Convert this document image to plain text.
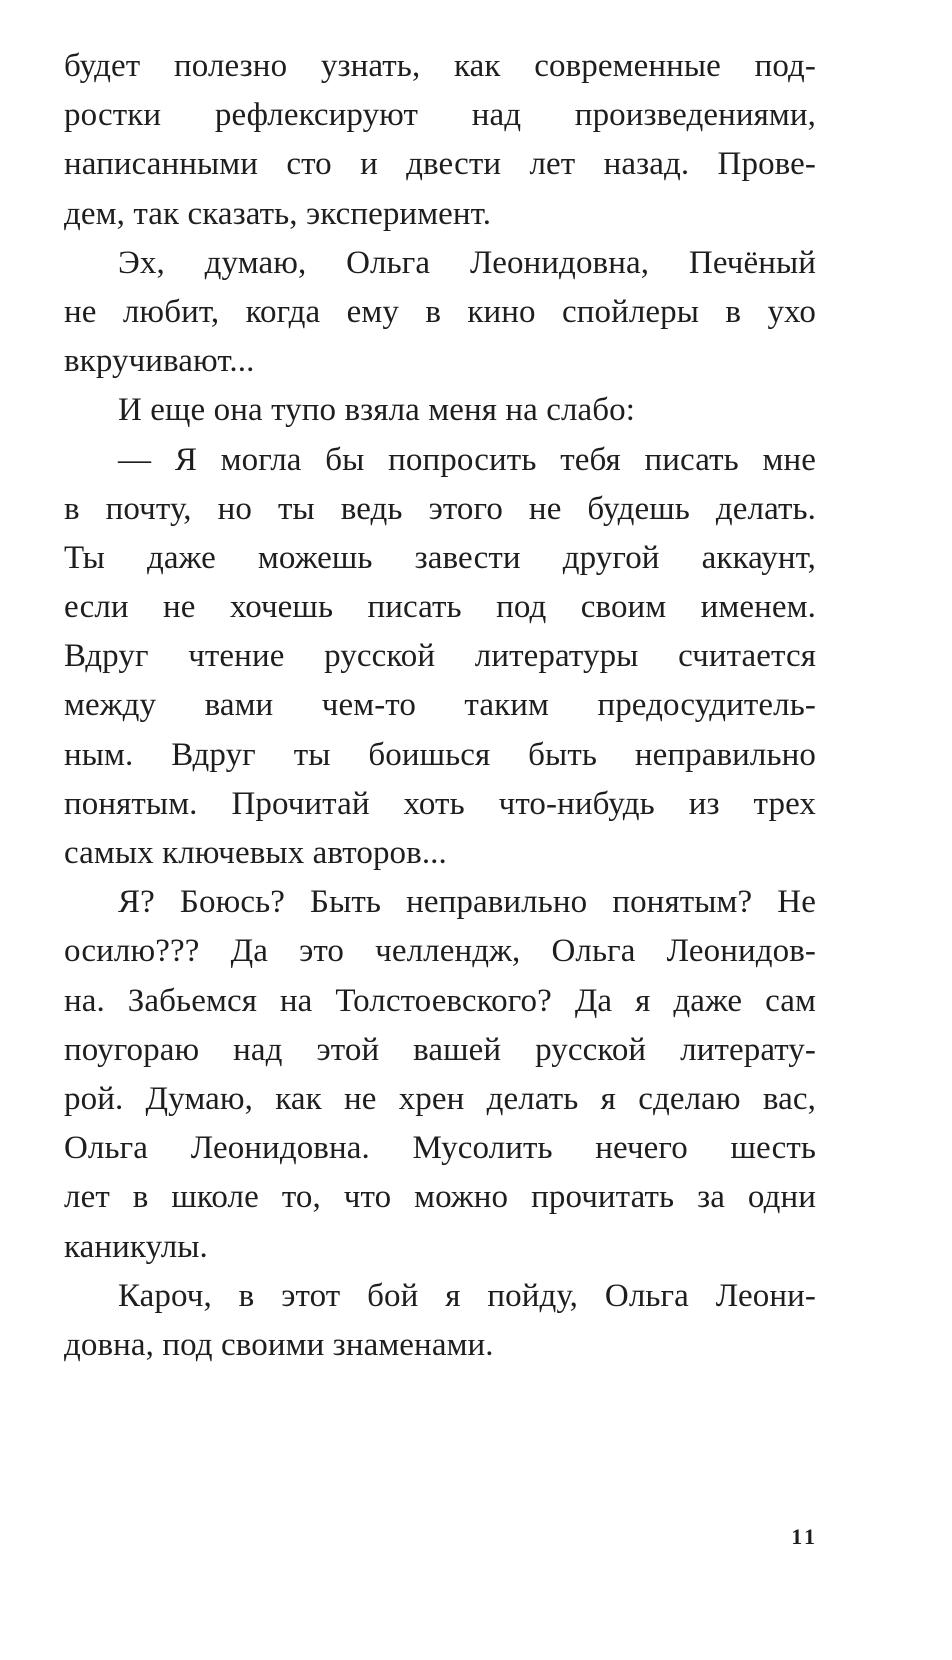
будет полезно узнать, как современные под-
ростки рефлексируют над произведениями,
написанными сто и двести лет назад. Прове-
дем, так сказать, эксперимент.
Эх, думаю, Ольга Леонидовна, Печёный
не любит, когда ему в кино спойлеры в ухо
вкручивают...
И еще она тупо взяла меня на слабо:
— Я могла бы попросить тебя писать мне
в почту, но ты ведь этого не будешь делать.
Ты даже можешь завести другой аккаунт,
если не хочешь писать под своим именем.
Вдруг чтение русской литературы считается
между вами чем-то таким предосудитель-
ным. Вдруг ты боишься быть неправильно
понятым. Прочитай хоть что-нибудь из трех
самых ключевых авторов...
Я? Боюсь? Быть неправильно понятым? Не
осилю??? Да это челлендж, Ольга Леонидов-
на. Забьемся на Толстоевского? Да я даже сам
поугораю над этой вашей русской литерату-
рой. Думаю, как не хрен делать я сделаю вас,
Ольга Леонидовна. Мусолить нечего шесть
лет в школе то, что можно прочитать за одни
каникулы.
Кароч, в этот бой я пойду, Ольга Леони-
довна, под своими знаменами.
11
